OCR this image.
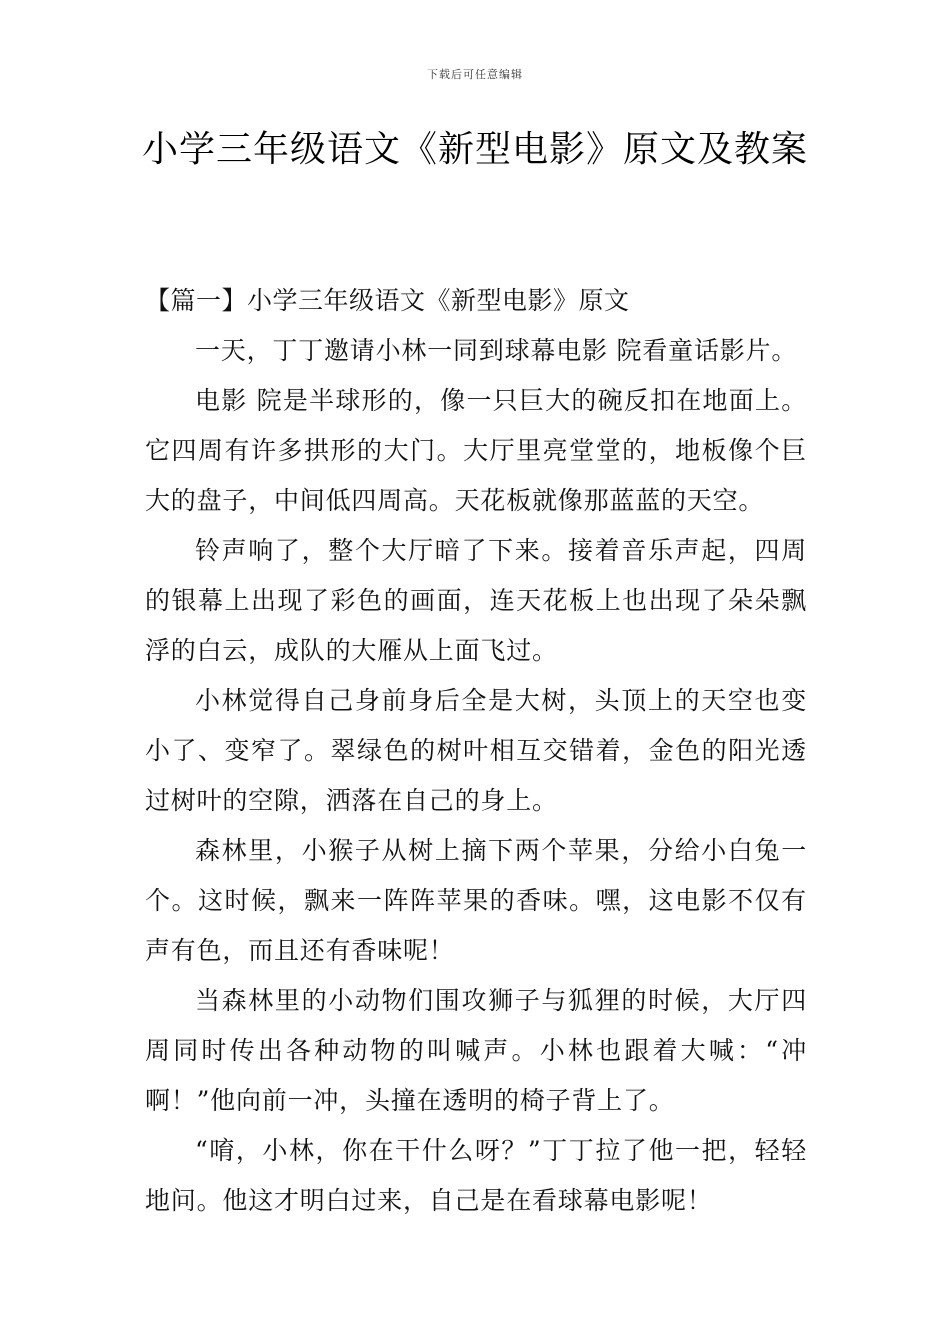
下载后可任意编辑
小学三年级语文《新型电影》原文及教案
【篇一】小学三年级语文《新型电影》原文

一天，丁丁邀请小林一同到球幕电影 院看童话影片。

电影 院是半球形的，像一只巨大的碗反扣在地面上。它四周有许多拱形的大门。大厅里亮堂堂的，地板像个巨大的盘子，中间低四周高。天花板就像那蓝蓝的天空。

铃声响了，整个大厅暗了下来。接着音乐声起，四周的银幕上出现了彩色的画面，连天花板上也出现了朵朵飘浮的白云，成队的大雁从上面飞过。

小林觉得自己身前身后全是大树，头顶上的天空也变小了、变窄了。翠绿色的树叶相互交错着，金色的阳光透过树叶的空隙，洒落在自己的身上。

森林里，小猴子从树上摘下两个苹果，分给小白兔一个。这时候，飘来一阵阵苹果的香味。嘿，这电影不仅有声有色，而且还有香味呢！

当森林里的小动物们围攻狮子与狐狸的时候，大厅四周同时传出各种动物的叫喊声。小林也跟着大喊：“冲啊！”他向前一冲，头撞在透明的椅子背上了。

“唷，小林，你在干什么呀？”丁丁拉了他一把，轻轻地问。他这才明白过来，自己是在看球幕电影呢！
